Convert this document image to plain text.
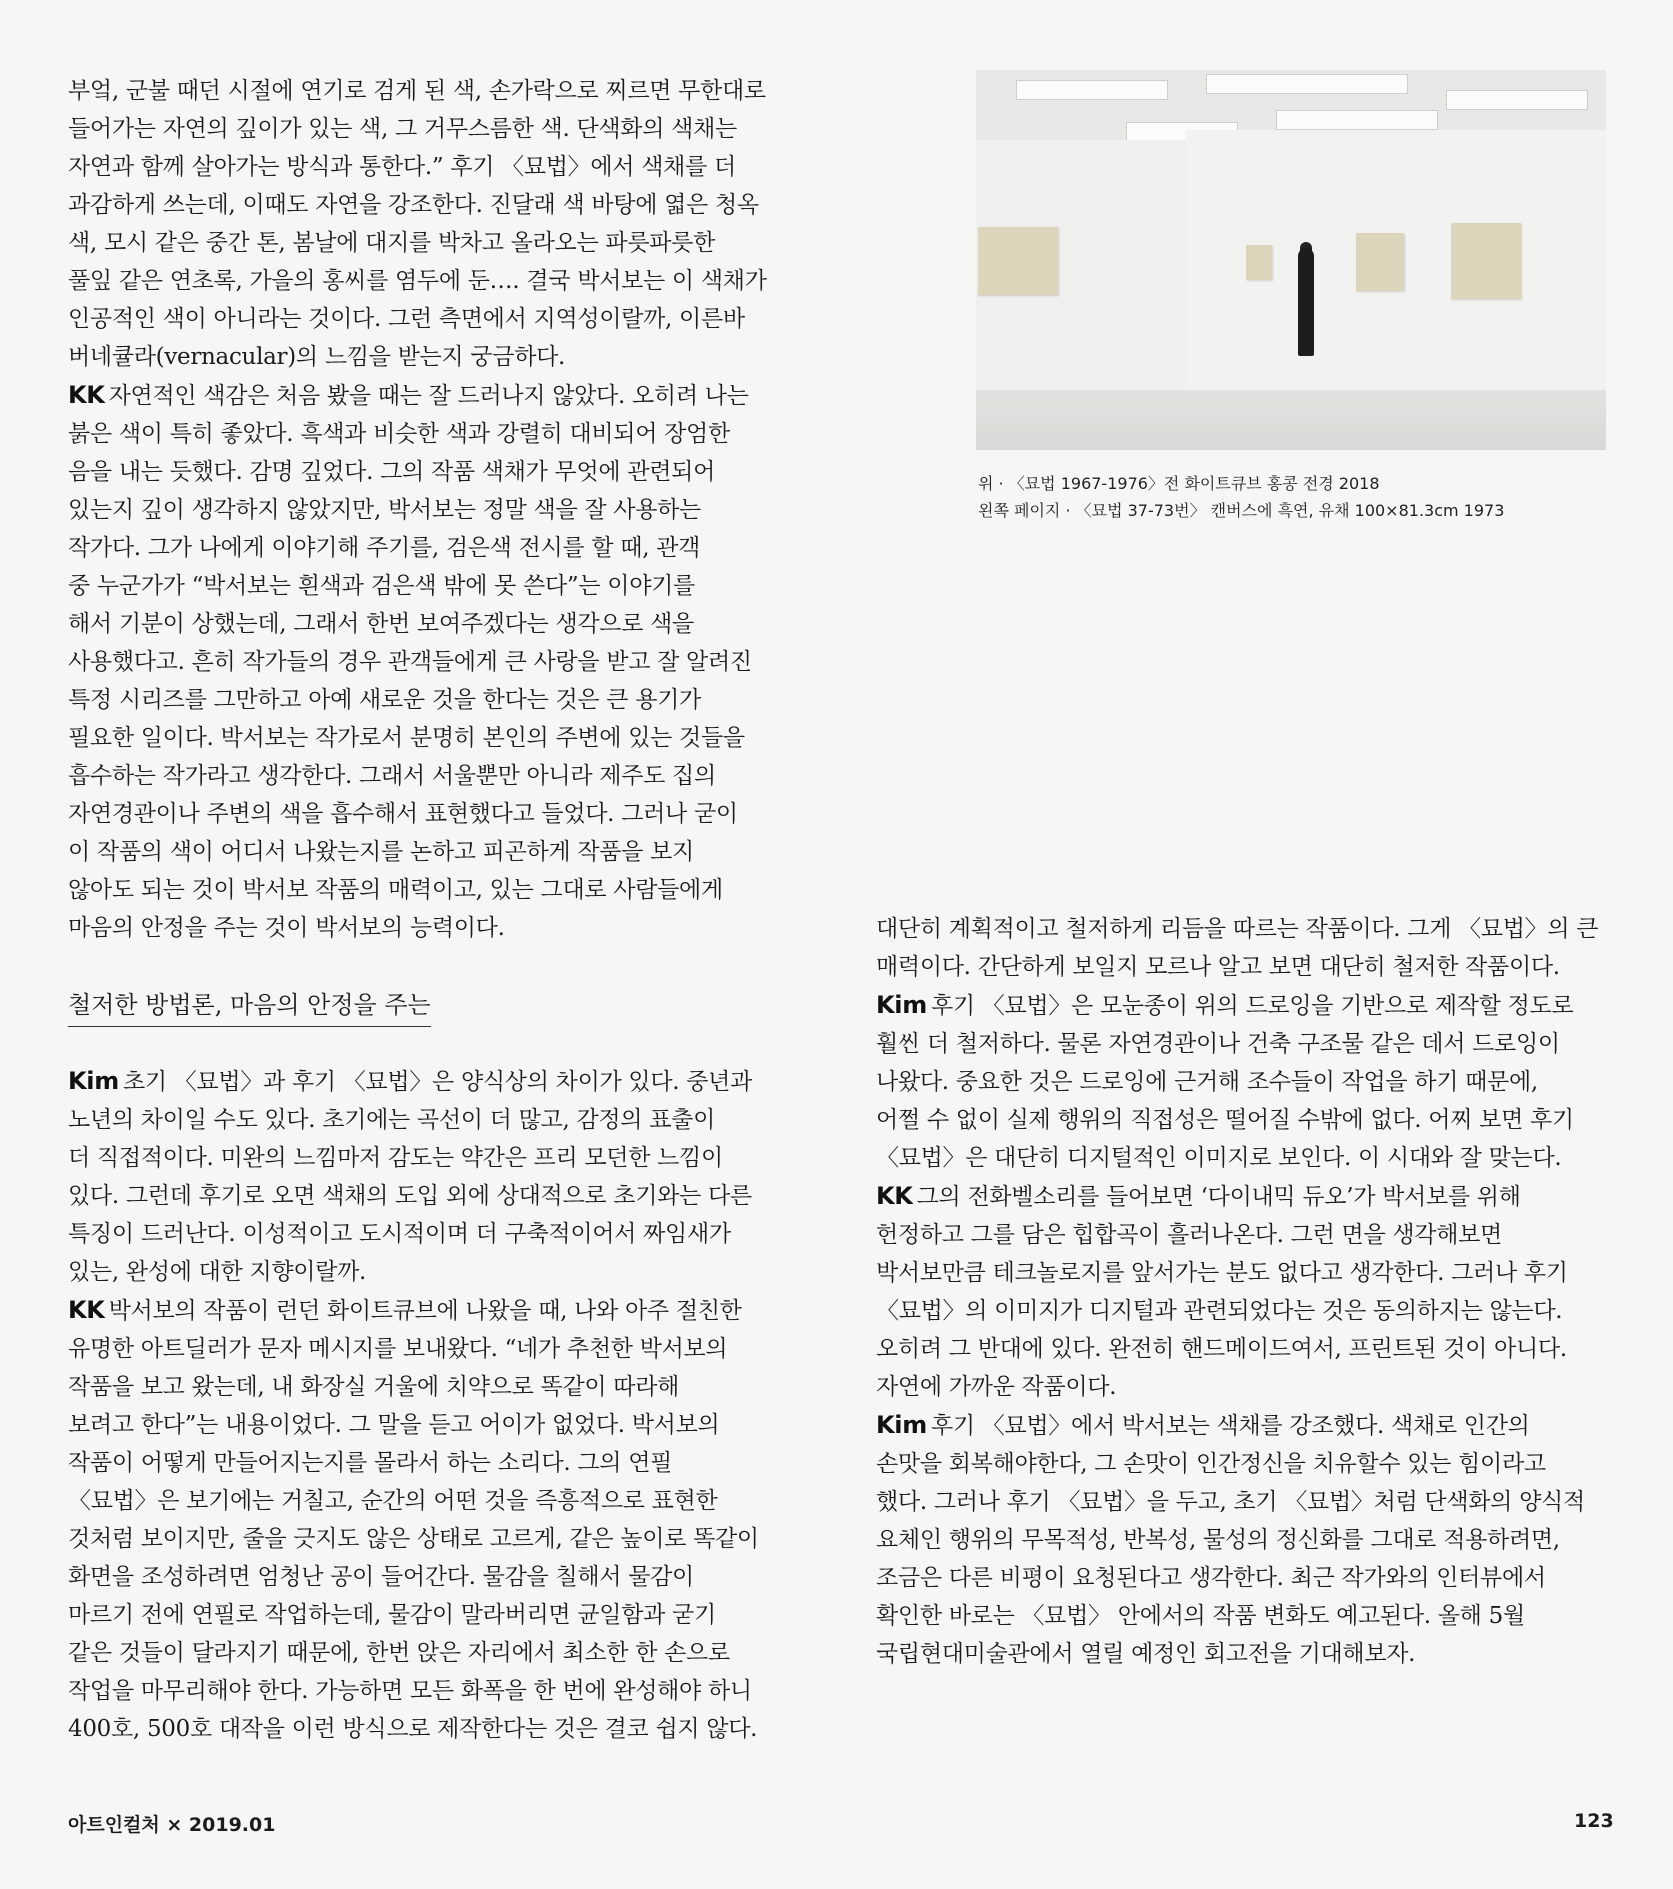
부엌, 군불 때던 시절에 연기로 검게 된 색, 손가락으로 찌르면 무한대로

들어가는 자연의 깊이가 있는 색, 그 거무스름한 색. 단색화의 색채는

자연과 함께 살아가는 방식과 통한다.” 후기 〈묘법〉에서 색채를 더

과감하게 쓰는데, 이때도 자연을 강조한다. 진달래 색 바탕에 엷은 청옥

색, 모시 같은 중간 톤, 봄날에 대지를 박차고 올라오는 파릇파릇한

풀잎 같은 연초록, 가을의 홍씨를 염두에 둔…. 결국 박서보는 이 색채가

인공적인 색이 아니라는 것이다. 그런 측면에서 지역성이랄까, 이른바

버네큘라(vernacular)의 느낌을 받는지 궁금하다.

KK 자연적인 색감은 처음 봤을 때는 잘 드러나지 않았다. 오히려 나는

붉은 색이 특히 좋았다. 흑색과 비슷한 색과 강렬히 대비되어 장엄한

음을 내는 듯했다. 감명 깊었다. 그의 작품 색채가 무엇에 관련되어

있는지 깊이 생각하지 않았지만, 박서보는 정말 색을 잘 사용하는

작가다. 그가 나에게 이야기해 주기를, 검은색 전시를 할 때, 관객

중 누군가가 “박서보는 흰색과 검은색 밖에 못 쓴다”는 이야기를

해서 기분이 상했는데, 그래서 한번 보여주겠다는 생각으로 색을

사용했다고. 흔히 작가들의 경우 관객들에게 큰 사랑을 받고 잘 알려진

특정 시리즈를 그만하고 아예 새로운 것을 한다는 것은 큰 용기가

필요한 일이다. 박서보는 작가로서 분명히 본인의 주변에 있는 것들을

흡수하는 작가라고 생각한다. 그래서 서울뿐만 아니라 제주도 집의

자연경관이나 주변의 색을 흡수해서 표현했다고 들었다. 그러나 굳이

이 작품의 색이 어디서 나왔는지를 논하고 피곤하게 작품을 보지

않아도 되는 것이 박서보 작품의 매력이고, 있는 그대로 사람들에게

마음의 안정을 주는 것이 박서보의 능력이다.

철저한 방법론, 마음의 안정을 주는

Kim 초기 〈묘법〉과 후기 〈묘법〉은 양식상의 차이가 있다. 중년과

노년의 차이일 수도 있다. 초기에는 곡선이 더 많고, 감정의 표출이

더 직접적이다. 미완의 느낌마저 감도는 약간은 프리 모던한 느낌이

있다. 그런데 후기로 오면 색채의 도입 외에 상대적으로 초기와는 다른

특징이 드러난다. 이성적이고 도시적이며 더 구축적이어서 짜임새가

있는, 완성에 대한 지향이랄까.

KK 박서보의 작품이 런던 화이트큐브에 나왔을 때, 나와 아주 절친한

유명한 아트딜러가 문자 메시지를 보내왔다. “네가 추천한 박서보의

작품을 보고 왔는데, 내 화장실 거울에 치약으로 똑같이 따라해

보려고 한다”는 내용이었다. 그 말을 듣고 어이가 없었다. 박서보의

작품이 어떻게 만들어지는지를 몰라서 하는 소리다. 그의 연필

〈묘법〉은 보기에는 거칠고, 순간의 어떤 것을 즉흥적으로 표현한

것처럼 보이지만, 줄을 긋지도 않은 상태로 고르게, 같은 높이로 똑같이

화면을 조성하려면 엄청난 공이 들어간다. 물감을 칠해서 물감이

마르기 전에 연필로 작업하는데, 물감이 말라버리면 균일함과 굳기

같은 것들이 달라지기 때문에, 한번 앉은 자리에서 최소한 한 손으로

작업을 마무리해야 한다. 가능하면 모든 화폭을 한 번에 완성해야 하니

400호, 500호 대작을 이런 방식으로 제작한다는 것은 결코 쉽지 않다.

위 · 〈묘법 1967-1976〉전 화이트큐브 홍콩 전경 2018

왼쪽 페이지 · 〈묘법 37-73번〉 캔버스에 흑연, 유채 100×81.3cm 1973

대단히 계획적이고 철저하게 리듬을 따르는 작품이다. 그게 〈묘법〉의 큰

매력이다. 간단하게 보일지 모르나 알고 보면 대단히 철저한 작품이다.

Kim 후기 〈묘법〉은 모눈종이 위의 드로잉을 기반으로 제작할 정도로

훨씬 더 철저하다. 물론 자연경관이나 건축 구조물 같은 데서 드로잉이

나왔다. 중요한 것은 드로잉에 근거해 조수들이 작업을 하기 때문에,

어쩔 수 없이 실제 행위의 직접성은 떨어질 수밖에 없다. 어찌 보면 후기

〈묘법〉은 대단히 디지털적인 이미지로 보인다. 이 시대와 잘 맞는다.

KK 그의 전화벨소리를 들어보면 ‘다이내믹 듀오’가 박서보를 위해

헌정하고 그를 담은 힙합곡이 흘러나온다. 그런 면을 생각해보면

박서보만큼 테크놀로지를 앞서가는 분도 없다고 생각한다. 그러나 후기

〈묘법〉의 이미지가 디지털과 관련되었다는 것은 동의하지는 않는다.

오히려 그 반대에 있다. 완전히 핸드메이드여서, 프린트된 것이 아니다.

자연에 가까운 작품이다.

Kim 후기 〈묘법〉에서 박서보는 색채를 강조했다. 색채로 인간의

손맛을 회복해야한다, 그 손맛이 인간정신을 치유할수 있는 힘이라고

했다. 그러나 후기 〈묘법〉을 두고, 초기 〈묘법〉처럼 단색화의 양식적

요체인 행위의 무목적성, 반복성, 물성의 정신화를 그대로 적용하려면,

조금은 다른 비평이 요청된다고 생각한다. 최근 작가와의 인터뷰에서

확인한 바로는 〈묘법〉 안에서의 작품 변화도 예고된다. 올해 5월

국립현대미술관에서 열릴 예정인 회고전을 기대해보자.

아트인컬처 × 2019.01	123
